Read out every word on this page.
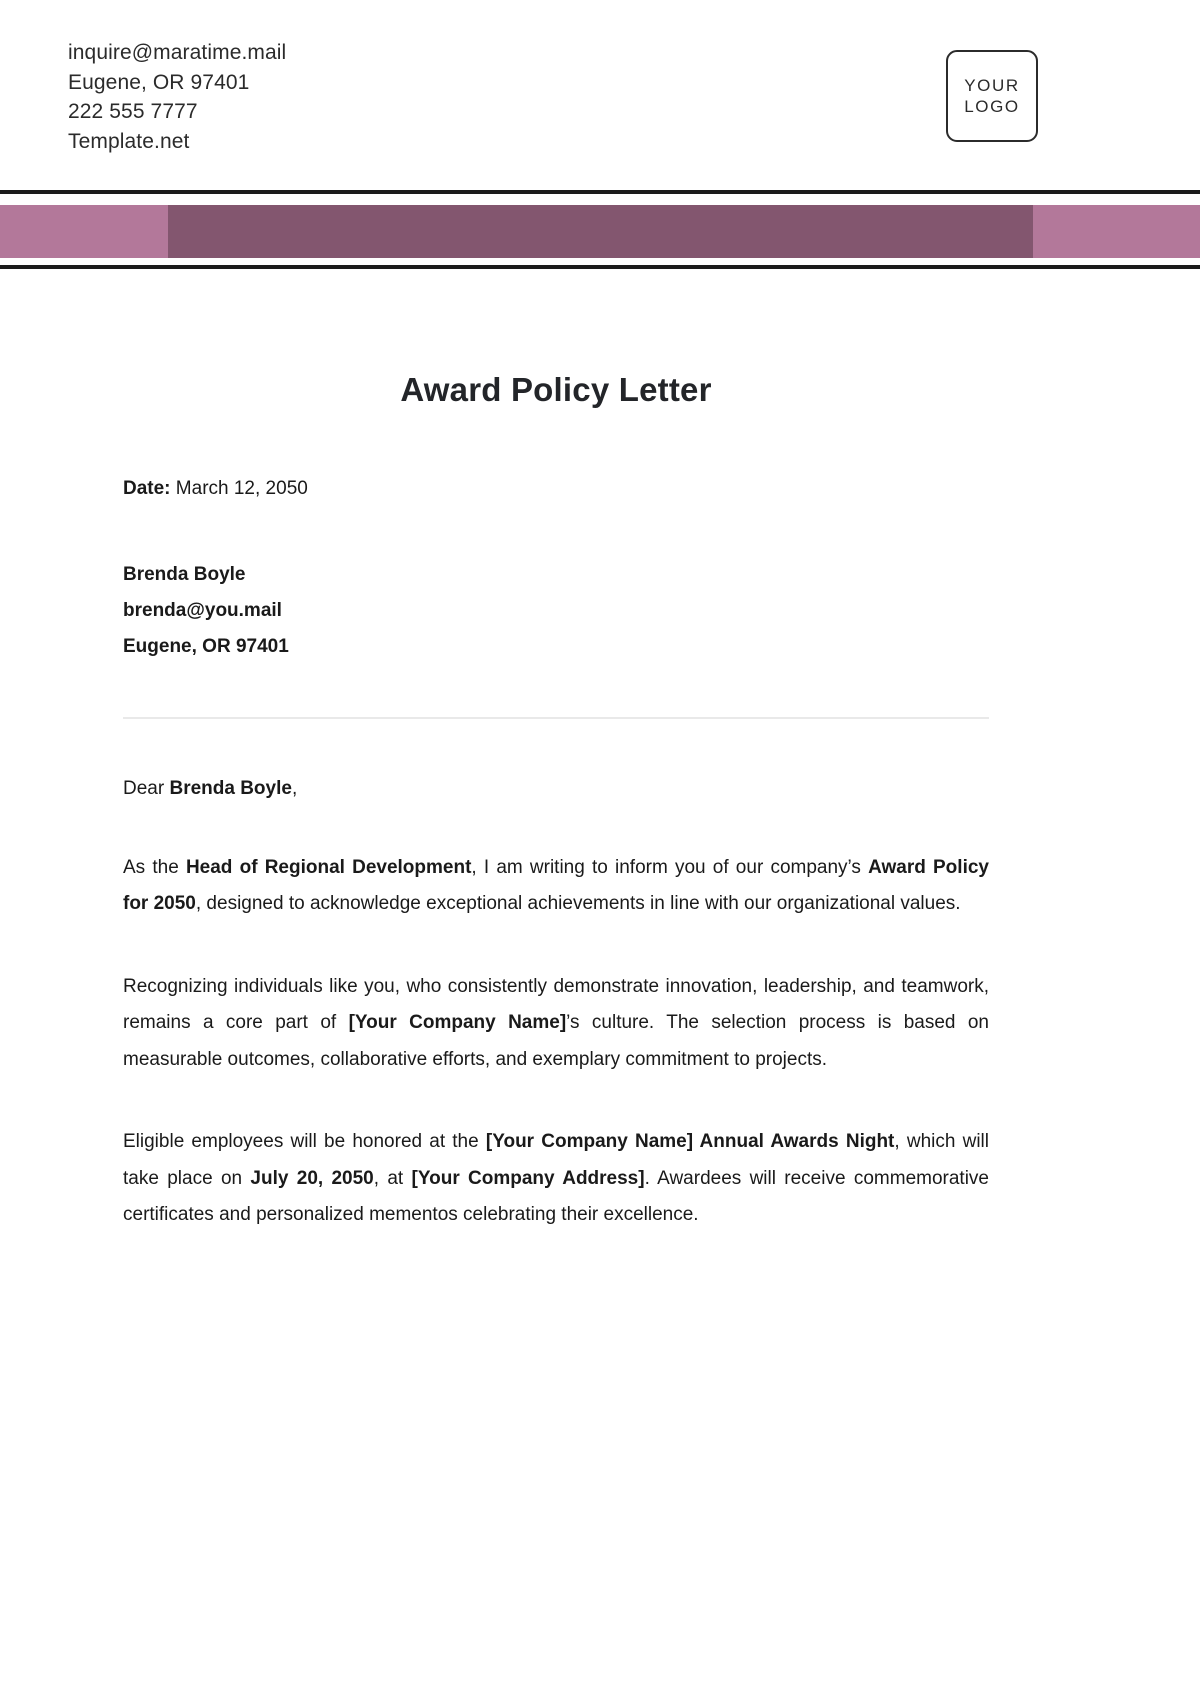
inquire@maratime.mail
Eugene, OR 97401
222 555 7777
Template.net
YOUR
LOGO
Award Policy Letter
Date: March 12, 2050
Brenda Boyle
brenda@you.mail
Eugene, OR 97401
Dear Brenda Boyle,

As the Head of Regional Development, I am writing to inform you of our company’s Award Policy for 2050, designed to acknowledge exceptional achievements in line with our organizational values.

Recognizing individuals like you, who consistently demonstrate innovation, leadership, and teamwork, remains a core part of [Your Company Name]’s culture. The selection process is based on measurable outcomes, collaborative efforts, and exemplary commitment to projects.

Eligible employees will be honored at the [Your Company Name] Annual Awards Night, which will take place on July 20, 2050, at [Your Company Address]. Awardees will receive commemorative certificates and personalized mementos celebrating their excellence.
